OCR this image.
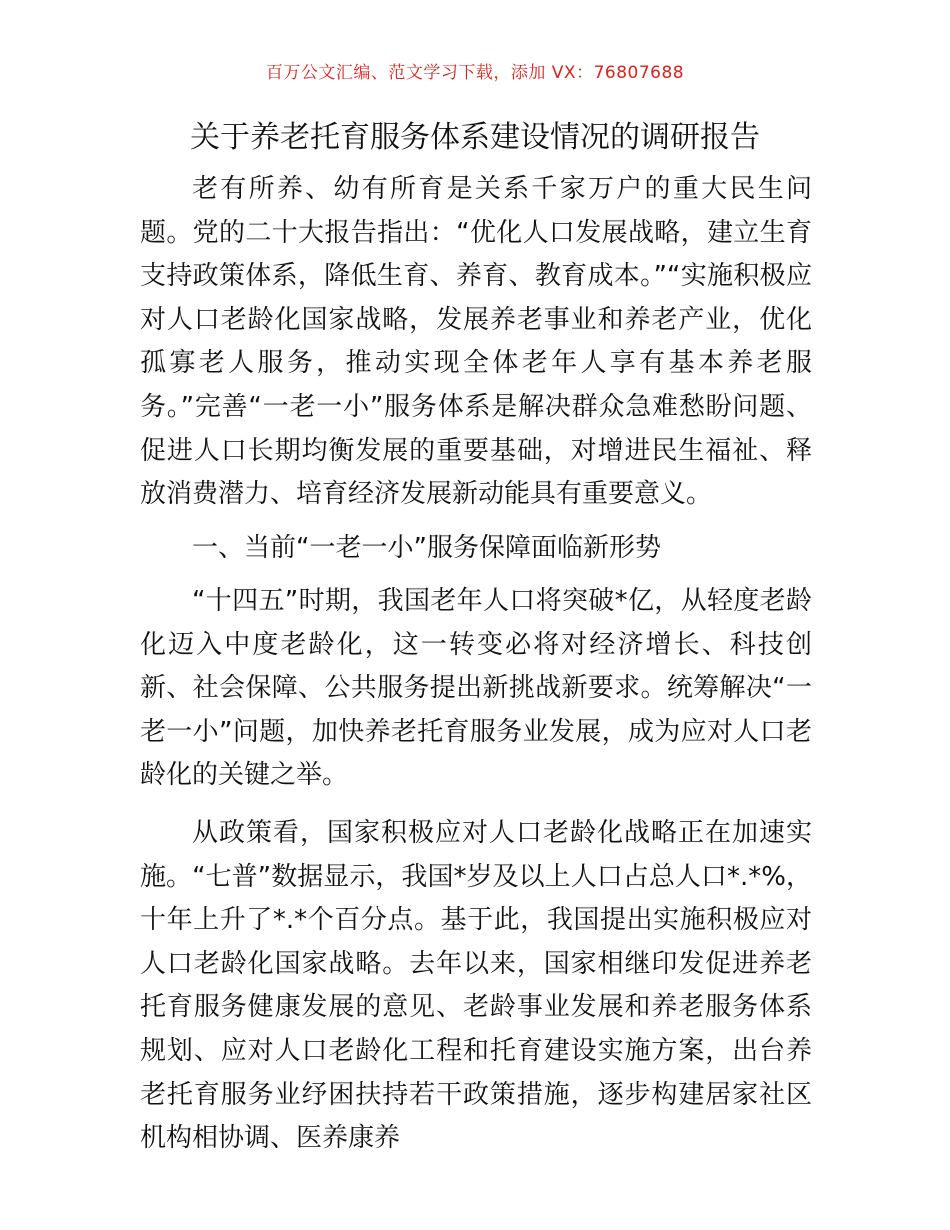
百万公文汇编、范文学习下载，添加 VX：76807688
关于养老托育服务体系建设情况的调研报告

老有所养、幼有所育是关系千家万户的重大民生问题。党的二十大报告指出：“优化人口发展战略，建立生育支持政策体系，降低生育、养育、教育成本。”“实施积极应对人口老龄化国家战略，发展养老事业和养老产业，优化孤寡老人服务，推动实现全体老年人享有基本养老服务。”完善“一老一小”服务体系是解决群众急难愁盼问题、促进人口长期均衡发展的重要基础，对增进民生福祉、释放消费潜力、培育经济发展新动能具有重要意义。

一、当前“一老一小”服务保障面临新形势

“十四五”时期，我国老年人口将突破*亿，从轻度老龄化迈入中度老龄化，这一转变必将对经济增长、科技创新、社会保障、公共服务提出新挑战新要求。统筹解决“一老一小”问题，加快养老托育服务业发展，成为应对人口老龄化的关键之举。

从政策看，国家积极应对人口老龄化战略正在加速实施。“七普”数据显示，我国*岁及以上人口占总人口*.*%，十年上升了*.*个百分点。基于此，我国提出实施积极应对人口老龄化国家战略。去年以来，国家相继印发促进养老托育服务健康发展的意见、老龄事业发展和养老服务体系规划、应对人口老龄化工程和托育建设实施方案，出台养老托育服务业纾困扶持若干政策措施，逐步构建居家社区机构相协调、医养康养
